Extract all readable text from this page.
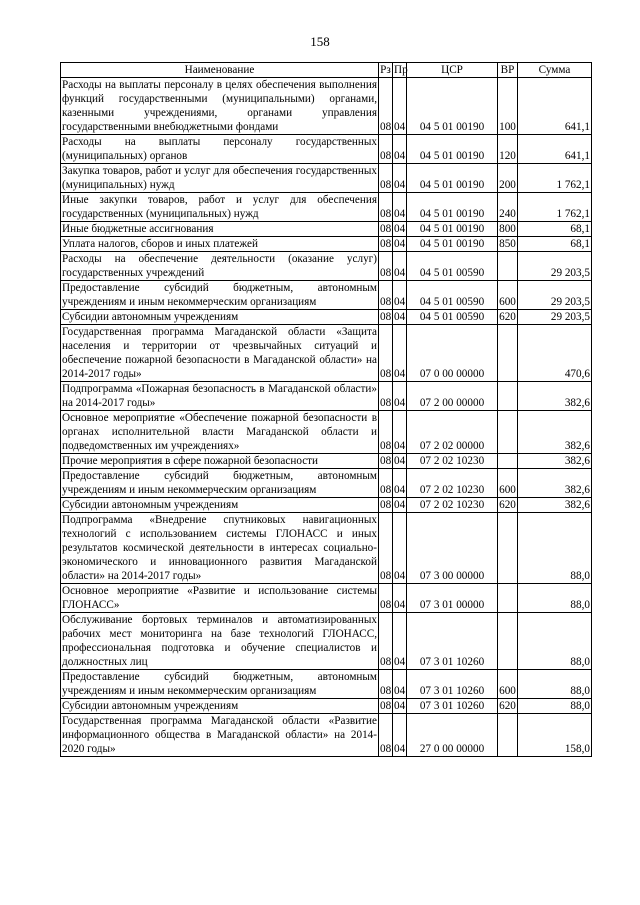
158
Наименование	Рз	Пр	ЦСР	ВР	Сумма
Расходы на выплаты персоналу в целях обеспечения выполнения функций государственными (муниципальными) органами, казенными учреждениями, органами управления государственными внебюджетными фондами	08	04	04 5 01 00190	100	641,1
Расходы на выплаты персоналу государственных (муниципальных) органов	08	04	04 5 01 00190	120	641,1
Закупка товаров, работ и услуг для обеспечения государственных (муниципальных) нужд	08	04	04 5 01 00190	200	1 762,1
Иные закупки товаров, работ и услуг для обеспечения государственных (муниципальных) нужд	08	04	04 5 01 00190	240	1 762,1
Иные бюджетные ассигнования	08	04	04 5 01 00190	800	68,1
Уплата налогов, сборов и иных платежей	08	04	04 5 01 00190	850	68,1
Расходы на обеспечение деятельности (оказание услуг) государственных учреждений	08	04	04 5 01 00590		29 203,5
Предоставление субсидий бюджетным, автономным учреждениям и иным некоммерческим организациям	08	04	04 5 01 00590	600	29 203,5
Субсидии автономным учреждениям	08	04	04 5 01 00590	620	29 203,5
Государственная программа Магаданской области «Защита населения и территории от чрезвычайных ситуаций и обеспечение пожарной безопасности в Магаданской области» на 2014-2017 годы»	08	04	07 0 00 00000		470,6
Подпрограмма «Пожарная безопасность в Магаданской области» на 2014-2017 годы»	08	04	07 2 00 00000		382,6
Основное мероприятие «Обеспечение пожарной безопасности в органах исполнительной власти Магаданской области и подведомственных им учреждениях»	08	04	07 2 02 00000		382,6
Прочие мероприятия в сфере пожарной безопасности	08	04	07 2 02 10230		382,6
Предоставление субсидий бюджетным, автономным учреждениям и иным некоммерческим организациям	08	04	07 2 02 10230	600	382,6
Субсидии автономным учреждениям	08	04	07 2 02 10230	620	382,6
Подпрограмма «Внедрение спутниковых навигационных технологий с использованием системы ГЛОНАСС и иных результатов космической деятельности в интересах социально-экономического и инновационного развития Магаданской области» на 2014-2017 годы»	08	04	07 3 00 00000		88,0
Основное мероприятие «Развитие и использование системы ГЛОНАСС»	08	04	07 3 01 00000		88,0
Обслуживание бортовых терминалов и автоматизированных рабочих мест мониторинга на базе технологий ГЛОНАСС, профессиональная подготовка и обучение специалистов и должностных лиц	08	04	07 3 01 10260		88,0
Предоставление субсидий бюджетным, автономным учреждениям и иным некоммерческим организациям	08	04	07 3 01 10260	600	88,0
Субсидии автономным учреждениям	08	04	07 3 01 10260	620	88,0
Государственная программа Магаданской области «Развитие информационного общества в Магаданской области» на 2014-2020 годы»	08	04	27 0 00 00000		158,0
